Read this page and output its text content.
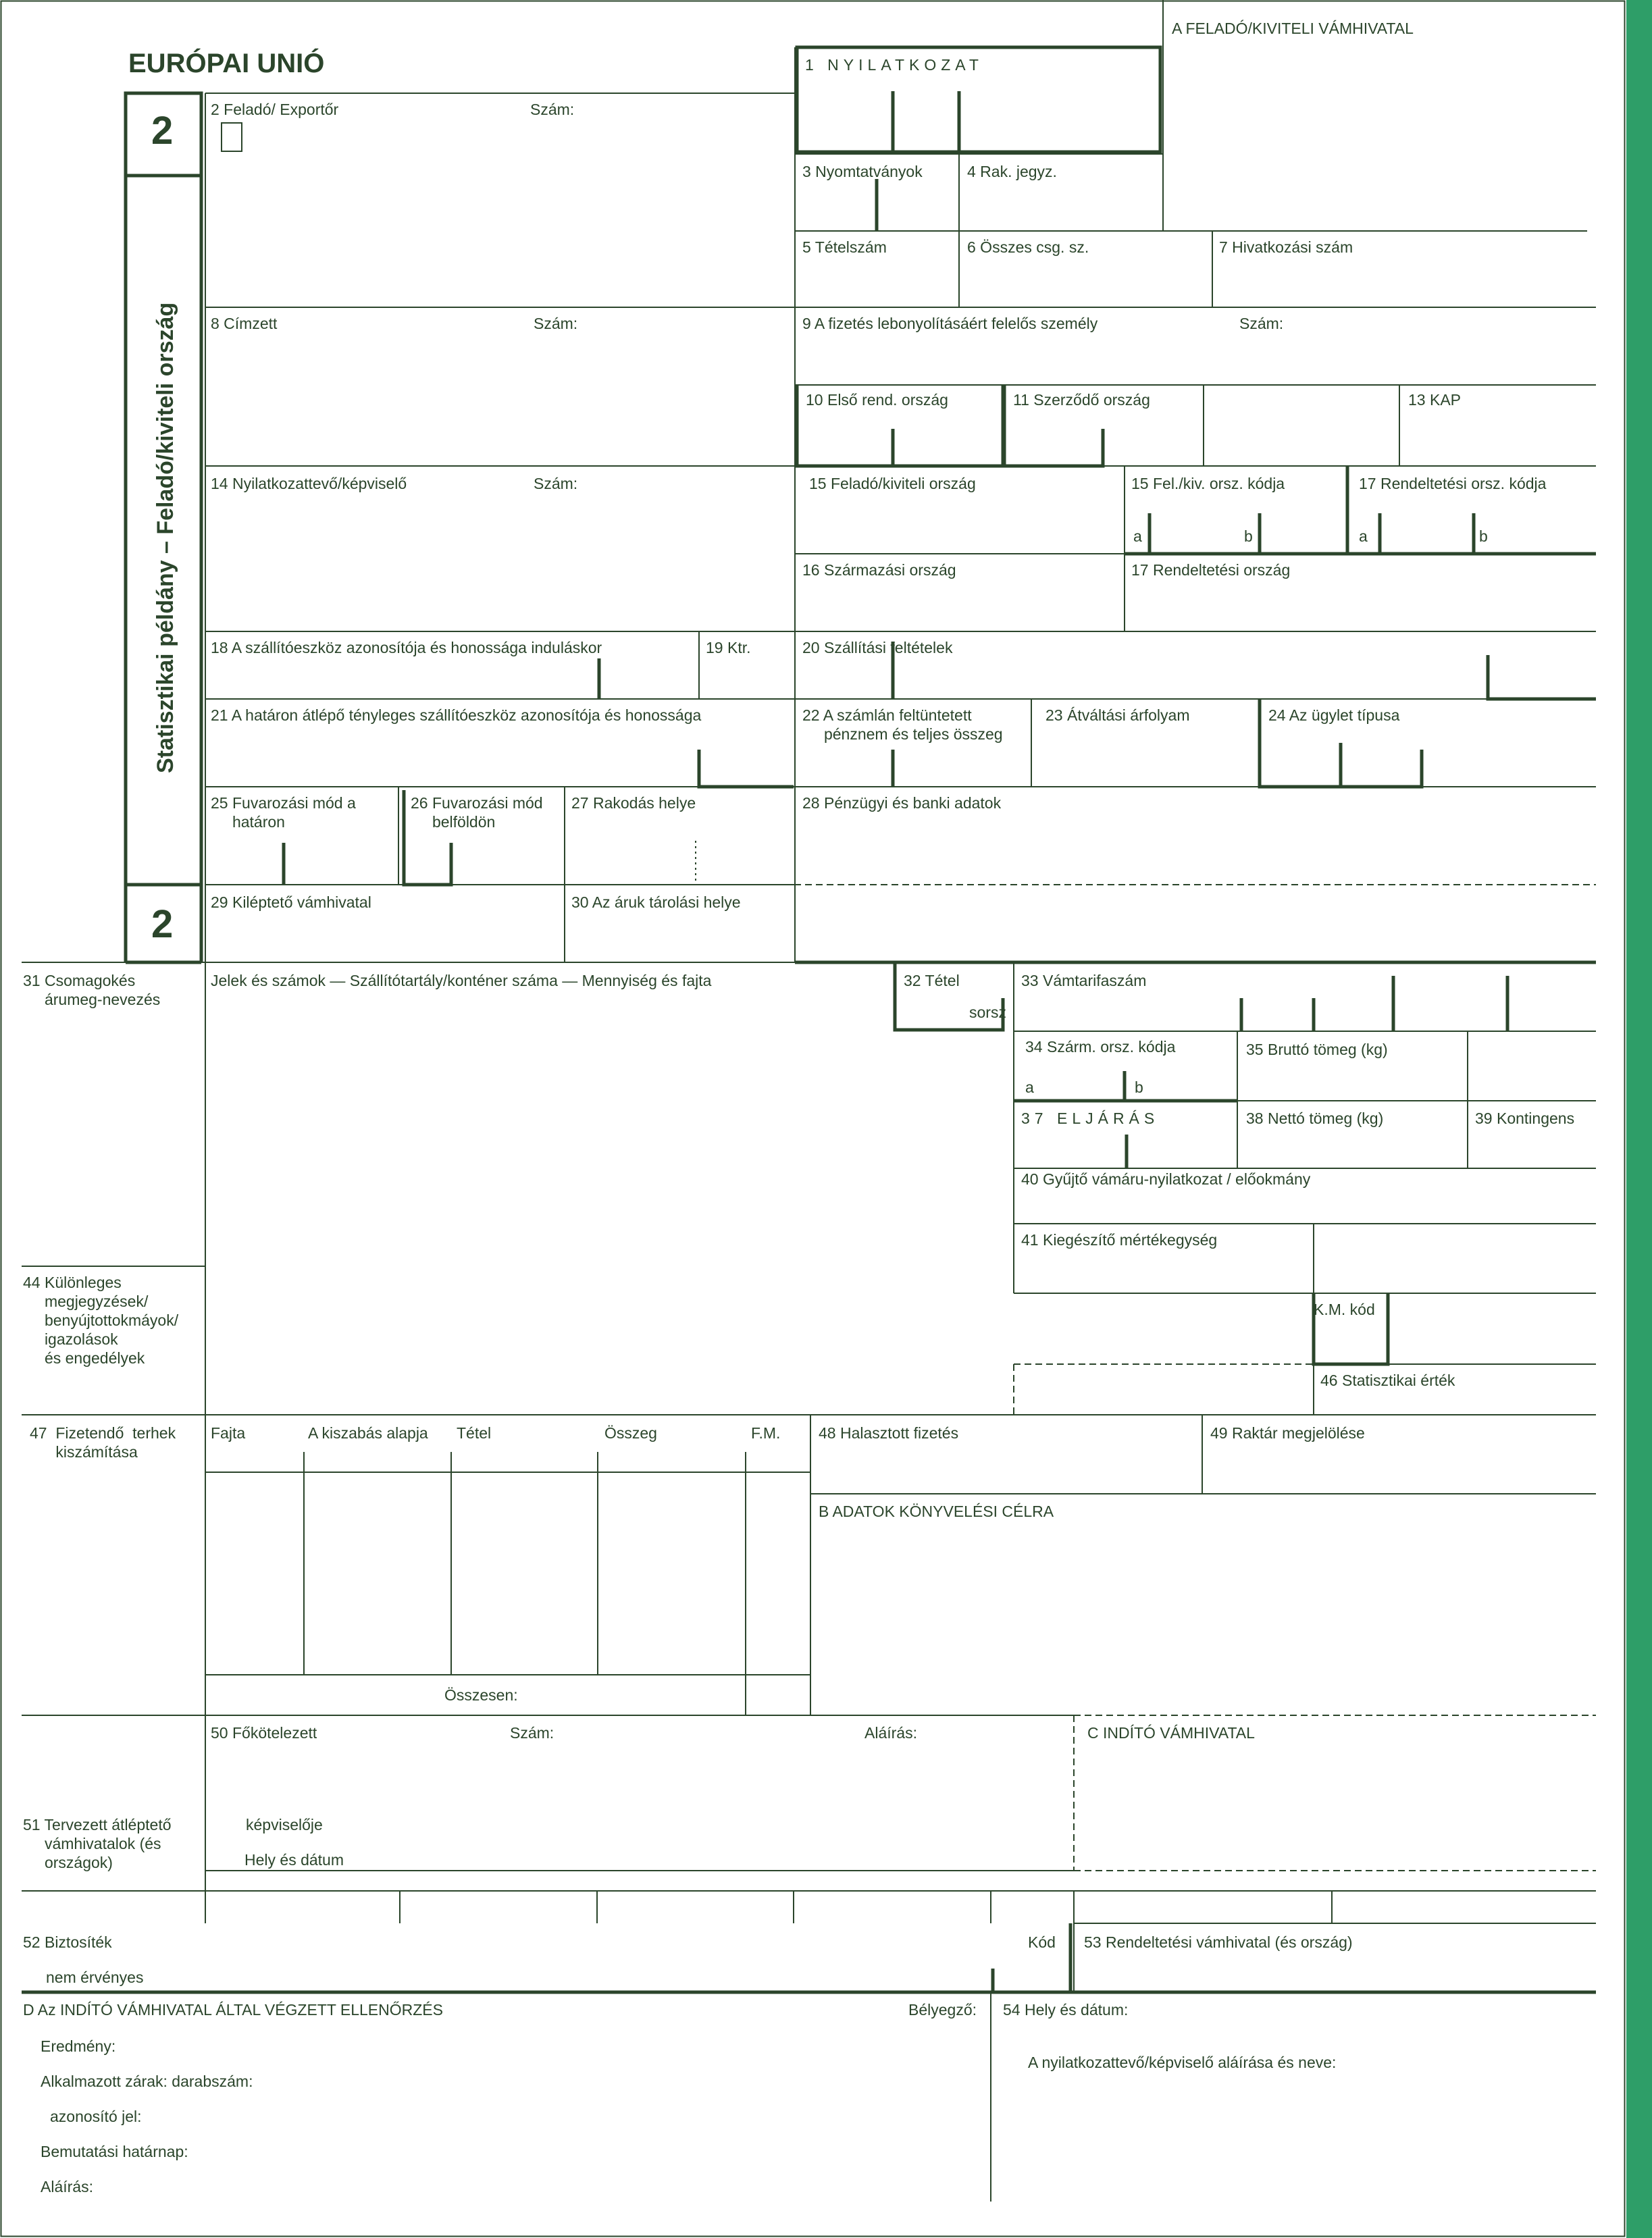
EURÓPAI UNIÓ
2
2
Statisztikai példány – Feladó/kiviteli ország
A FELADÓ/KIVITELI VÁMHIVATAL
1 NYILATKOZAT
2 Feladó/ Exportőr	Szám:
3 Nyomtatványok	4 Rak. jegyz.
5 Tételszám	6 Összes csg. sz.	7 Hivatkozási szám
8 Címzett	Szám:	9 A fizetés lebonyolításáért felelős személy	Szám:
10 Első rend. ország	11 Szerződő ország	13 KAP
14 Nyilatkozattevő/képviselő	Szám:	15 Feladó/kiviteli ország	15 Fel./kiv. orsz. kódja
a	b
17 Rendeltetési orsz. kódja
a	b
16 Származási ország	17 Rendeltetési ország
18 A szállítóeszköz azonosítója és honossága induláskor	19 Ktr.	20 Szállítási feltételek
21 A határon átlépő tényleges szállítóeszköz azonosítója és honossága	22 A számlán feltüntetett
pénznem és teljes összeg
23 Átváltási árfolyam	24 Az ügylet típusa
25 Fuvarozási mód a
határon
26 Fuvarozási mód
belföldön
27 Rakodás helye	28 Pénzügyi és banki adatok
29 Kiléptető vámhivatal	30 Az áruk tárolási helye
31 Csomagokés
árumeg-nevezés
Jelek és számok — Szállítótartály/konténer száma — Mennyiség és fajta	32 Tétel
sorsz
33 Vámtarifaszám
34 Szárm. orsz. kódja
a	b
35 Bruttó tömeg (kg)
37 ELJÁRÁS	38 Nettó tömeg (kg)	39 Kontingens
40 Gyűjtő vámáru-nyilatkozat / előokmány
41 Kiegészítő mértékegység
44 Különleges
megjegyzések/
benyújtottokmáyok/
igazolások
és engedélyek
K.M. kód
46 Statisztikai érték
47  Fizetendő  terhek
kiszámítása
Fajta	A kiszabás alapja Tétel	Összeg	F.M.
Összesen:
48 Halasztott fizetés	49 Raktár megjelölése
B ADATOK KÖNYVELÉSI CÉLRA
50 Főkötelezett	Szám:	Aláírás:
képviselője
Hely és dátum
C INDÍTÓ VÁMHIVATAL
51 Tervezett átléptető
vámhivatalok (és
országok)
52 Biztosíték	Kód
nem érvényes
53 Rendeltetési vámhivatal (és ország)
D Az INDÍTÓ VÁMHIVATAL ÁLTAL VÉGZETT ELLENŐRZÉS	Bélyegző:
Eredmény:
Alkalmazott zárak: darabszám:
azonosító jel:
Bemutatási határnap:
Aláírás:
54 Hely és dátum:
A nyilatkozattevő/képviselő aláírása és neve:
